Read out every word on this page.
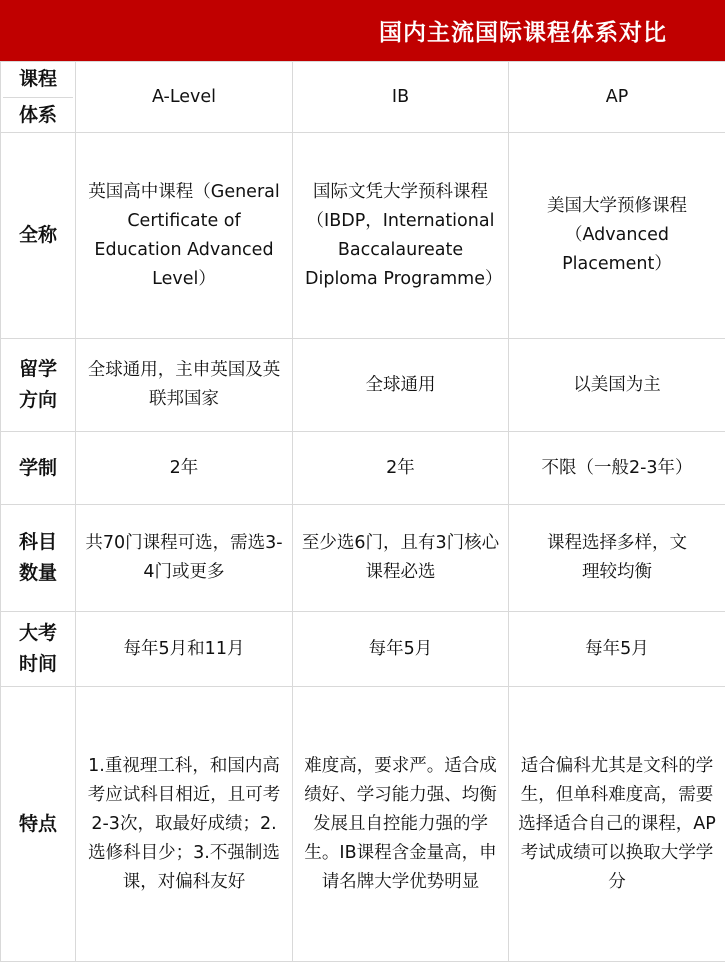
国内主流国际课程体系对比
课程
体系	A-Level	IB	AP
全称	英国高中课程（General Certificate of Education Advanced Level）	国际文凭大学预科课程（IBDP，International Baccalaureate Diploma Programme）	美国大学预修课程（Advanced Placement）

留学
方向	全球通用，主申英国及英联邦国家	全球通用	以美国为主
学制	2年	2年	不限（一般2-3年）

科目
数量	共70门课程可选，需选3-4门或更多	至少选6门，且有3门核心课程必选	课程选择多样，文理较均衡

大考
时间	每年5月和11月	每年5月	每年5月
特点	1.重视理工科，和国内高考应试科目相近，且可考2-3次，取最好成绩；2.选修科目少；3.不强制选课，对偏科友好	难度高，要求严。适合成绩好、学习能力强、均衡发展且自控能力强的学生。IB课程含金量高，申请名牌大学优势明显	适合偏科尤其是文科的学生，但单科难度高，需要选择适合自己的课程，AP考试成绩可以换取大学学分
